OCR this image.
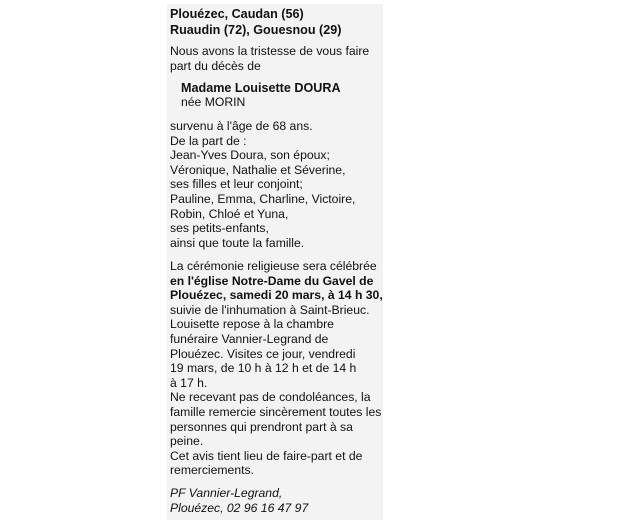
Plouézec, Caudan (56)
Ruaudin (72), Gouesnou (29)
Nous avons la tristesse de vous faire
part du décès de
Madame Louisette DOURA
née MORIN
survenu à l'âge de 68 ans.
De la part de :
Jean-Yves Doura, son époux;
Véronique, Nathalie et Séverine,
ses filles et leur conjoint;
Pauline, Emma, Charline, Victoire,
Robin, Chloé et Yuna,
ses petits-enfants,
ainsi que toute la famille.
La cérémonie religieuse sera célébrée
en l'église Notre-Dame du Gavel de
Plouézec, samedi 20 mars, à 14 h 30,
suivie de l'inhumation à Saint-Brieuc.
Louisette repose à la chambre
funéraire Vannier-Legrand de
Plouézec. Visites ce jour, vendredi
19 mars, de 10 h à 12 h et de 14 h
à 17 h.
Ne recevant pas de condoléances, la
famille remercie sincèrement toutes les
personnes qui prendront part à sa
peine.
Cet avis tient lieu de faire-part et de
remerciements.
PF Vannier-Legrand,
Plouézec, 02 96 16 47 97
